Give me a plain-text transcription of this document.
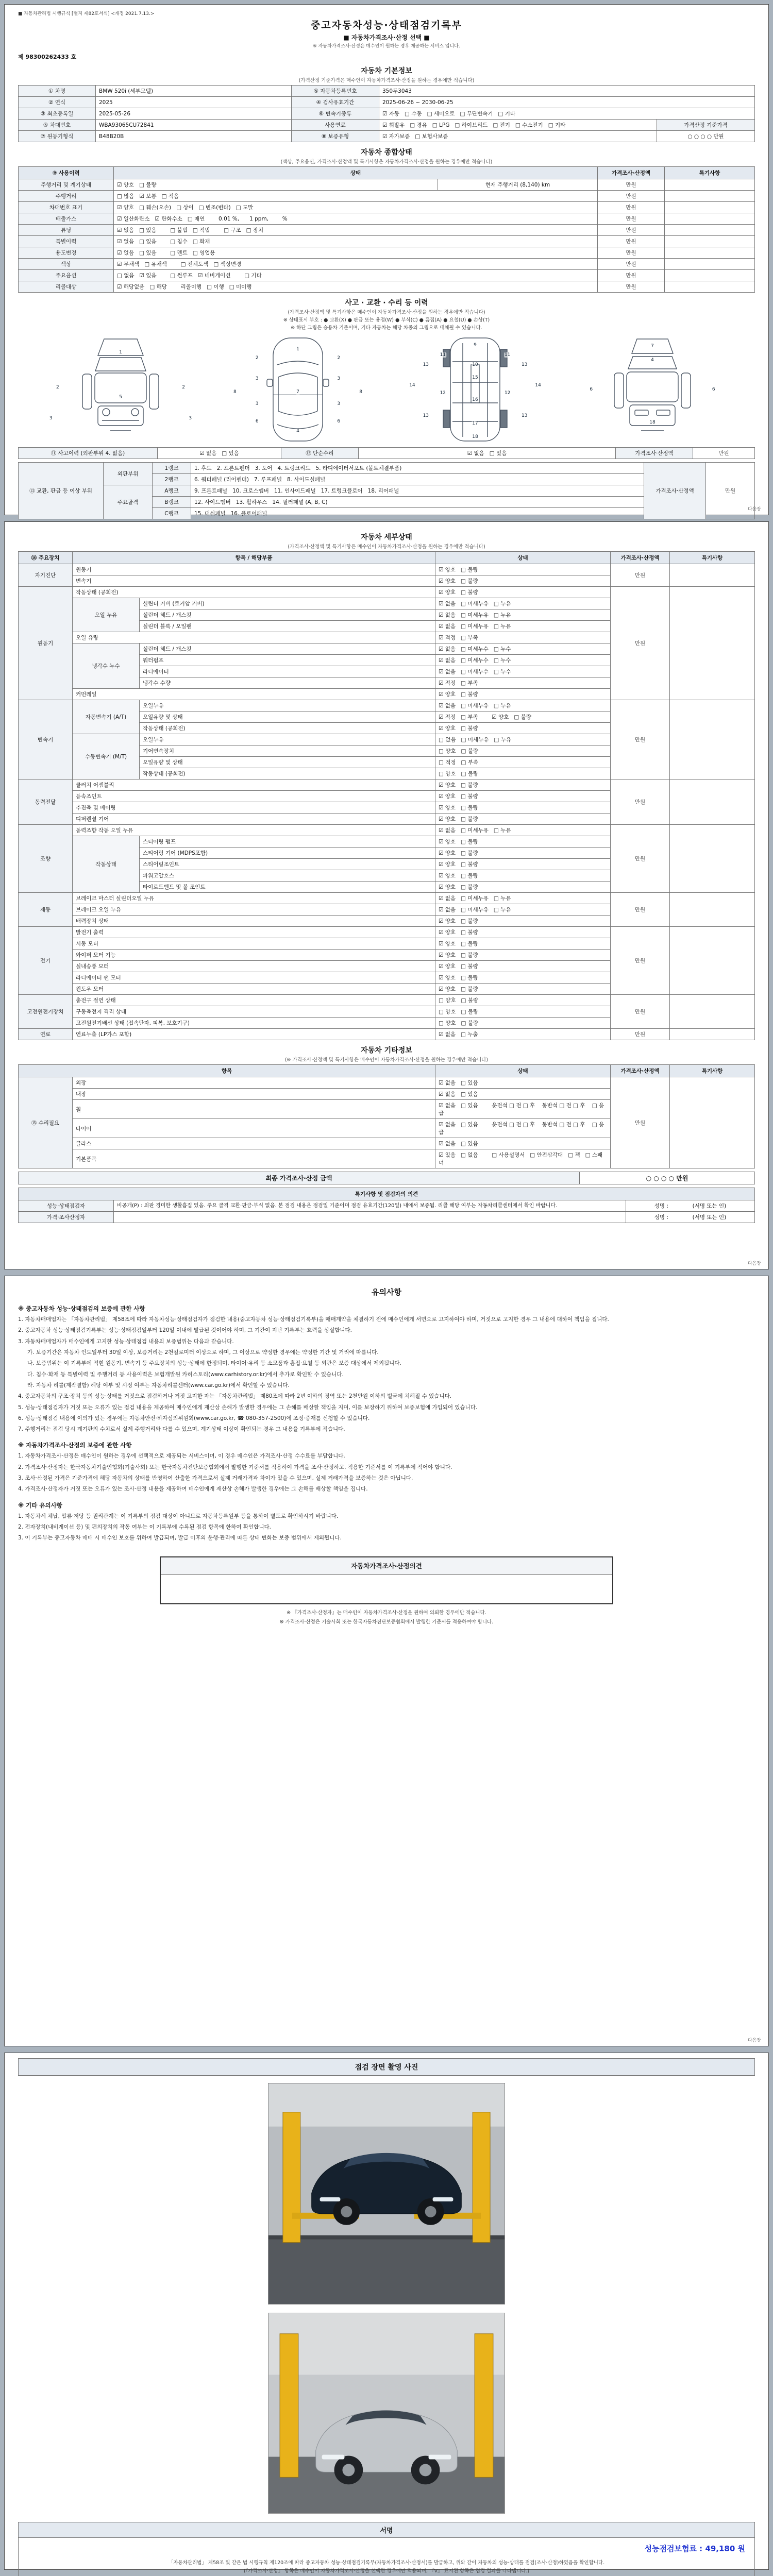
■ 자동차관리법 시행규칙 [별지 제82호서식] <개정 2021.7.13.>
중고자동차성능·상태점검기록부
■ 자동차가격조사·산정 선택 ■
※ 자동차가격조사·산정은 매수인이 원하는 경우 제공하는 서비스 입니다.
제 98300262433 호
자동차 기본정보
(가격산정 기준가격은 매수인이 자동차가격조사·산정을 원하는 경우에만 적습니다)
① 차명	BMW 520i (세부모델)	⑤ 자동차등록번호	350두3043	
② 연식	2025	④ 검사유효기간	2025-06-26 ~ 2030-06-25	
③ 최초등록일	2025-05-26	⑥ 변속기종류	☑ 자동   □ 수동   □ 세미오토   □ 무단변속기   □ 기타	
⑤ 차대번호	WBA93065CU72841	사용연료	☑ 휘발유   □ 경유   □ LPG   □ 하이브리드   □ 전기   □ 수소전기   □ 기타	가격산정 기준가격
⑦ 원동기형식	B48B20B	⑧ 보증유형	☑ 자가보증   □ 보험사보증	○ ○ ○ ○ 만원
자동차 종합상태
(색상, 주요옵션, 가격조사·산정액 및 특기사항은 자동차가격조사·산정을 원하는 경우에만 적습니다)
⑨ 사용이력	상태		가격조사·산정액	특기사항
주행거리 및 계기상태	☑ 양호   □ 불량	현재 주행거리 (8,140) km	만원	
주행거리	□ 많음   ☑ 보통   □ 적음		만원	
차대번호 표기	☑ 양호   □ 훼손(오손)   □ 상이   □ 변조(변타)   □ 도말		만원	
배출가스	☑ 일산화탄소   ☑ 탄화수소   □ 매연        0.01 %,      1 ppm,        %		만원	
튜닝	☑ 없음   □ 있음        □ 불법   □ 적법        □ 구조   □ 장치		만원	
특별이력	☑ 없음   □ 있음        □ 침수   □ 화재		만원	
용도변경	☑ 없음   □ 있음        □ 렌트   □ 영업용		만원	
색상	☑ 무채색   □ 유채색        □ 전체도색   □ 색상변경		만원	
주요옵션	□ 없음   ☑ 있음        □ 썬루프   ☑ 네비게이션        □ 기타		만원	
리콜대상	☑ 해당없음   □ 해당        리콜이행   □ 이행   □ 미이행		만원	
사고 · 교환 · 수리 등 이력
(가격조사·산정액 및 특기사항은 매수인이 자동차가격조사·산정을 원하는 경우에만 적습니다)
※ 상태표시 부호 : ● 교환(X) ● 판금 또는 용접(W) ● 부식(C) ● 흠집(A) ● 요철(U) ● 손상(T)
※ 하단 그림은 승용차 기준이며, 기타 자동차는 해당 차종의 그림으로 대체될 수 있습니다.
1
2	2
5
3	3
1
2	2
7
3	3
3	3
8	8
6	6
4
9
11	11
13	13
10
15
14	14
12	12
16
13	13
17
18
7
4
6	6
18
⑪ 사고이력 (외판부위 4. 없음)	☑ 없음   □ 있음	⑫ 단순수리	☑ 없음   □ 있음	가격조사·산정액	만원
⑬ 교환, 판금 등 이상 부위	외판부위	1랭크	1. 후드   2. 프론트펜더   3. 도어   4. 트렁크리드   5. 라디에이터서포트 (볼트체결부품)	가격조사·산정액	만원
		2랭크	6. 쿼터패널 (리어펜더)   7. 루프패널   8. 사이드실패널		
	주요골격	A랭크	9. 프론트패널   10. 크로스멤버   11. 인사이드패널   17. 트렁크플로어   18. 리어패널		
		B랭크	12. 사이드멤버   13. 휠하우스   14. 필러패널 (A, B, C)		
		C랭크	15. 대쉬패널   16. 플로어패널		
다음장
자동차 세부상태
(가격조사·산정액 및 특기사항은 매수인이 자동차가격조사·산정을 원하는 경우에만 적습니다)
⑭ 주요장치	항목 / 해당부품		상태	가격조사·산정액	특기사항
자기진단	원동기		☑ 양호   □ 불량	만원	
	변속기		☑ 양호   □ 불량		
원동기	작동상태 (공회전)		☑ 양호   □ 불량	만원	
	오일 누유	실린더 커버 (로커암 커버)	☑ 없음   □ 미세누유   □ 누유		
		실린더 헤드 / 개스킷	☑ 없음   □ 미세누유   □ 누유		
		실린더 블록 / 오일팬	☑ 없음   □ 미세누유   □ 누유		
	오일 유량		☑ 적정   □ 부족		
	냉각수 누수	실린더 헤드 / 개스킷	☑ 없음   □ 미세누수   □ 누수		
		워터펌프	☑ 없음   □ 미세누수   □ 누수		
		라디에이터	☑ 없음   □ 미세누수   □ 누수		
		냉각수 수량	☑ 적정   □ 부족		
	커먼레일		☑ 양호   □ 불량		
변속기	자동변속기 (A/T)	오일누유	☑ 없음   □ 미세누유   □ 누유	만원	
		오일유량 및 상태	☑ 적정   □ 부족        ☑ 양호   □ 불량		
		작동상태 (공회전)	☑ 양호   □ 불량		
	수동변속기 (M/T)	오일누유	□ 없음   □ 미세누유   □ 누유		
		기어변속장치	□ 양호   □ 불량		
		오일유량 및 상태	□ 적정   □ 부족		
		작동상태 (공회전)	□ 양호   □ 불량		
동력전달	클러치 어셈블리		☑ 양호   □ 불량	만원	
	등속조인트		☑ 양호   □ 불량		
	추진축 및 베어링		☑ 양호   □ 불량		
	디퍼렌셜 기어		☑ 양호   □ 불량		
조향	동력조향 작동 오일 누유		☑ 없음   □ 미세누유   □ 누유	만원	
	작동상태	스티어링 펌프	☑ 양호   □ 불량		
		스티어링 기어 (MDPS포함)	☑ 양호   □ 불량		
		스티어링조인트	☑ 양호   □ 불량		
		파워고압호스	☑ 양호   □ 불량		
		타이로드엔드 및 볼 조인트	☑ 양호   □ 불량		
제동	브레이크 마스터 실린더오일 누유		☑ 없음   □ 미세누유   □ 누유	만원	
	브레이크 오일 누유		☑ 없음   □ 미세누유   □ 누유		
	배력장치 상태		☑ 양호   □ 불량		
전기	발전기 출력		☑ 양호   □ 불량	만원	
	시동 모터		☑ 양호   □ 불량		
	와이퍼 모터 기능		☑ 양호   □ 불량		
	실내송풍 모터		☑ 양호   □ 불량		
	라디에이터 팬 모터		☑ 양호   □ 불량		
	윈도우 모터		☑ 양호   □ 불량		
고전원전기장치	충전구 절연 상태		□ 양호   □ 불량	만원	
	구동축전지 격리 상태		□ 양호   □ 불량		
	고전원전기배선 상태 (접속단자, 피복, 보호기구)		□ 양호   □ 불량		
연료	연료누출 (LP가스 포함)		☑ 없음   □ 누출	만원	
자동차 기타정보
(※ 가격조사·산정액 및 특기사항은 매수인이 자동차가격조사·산정을 원하는 경우에만 적습니다)
항목		상태	가격조사·산정액	특기사항
⑮ 수리필요	외장	☑ 없음   □ 있음	만원	
	내장	☑ 없음   □ 있음		
	휠	☑ 없음   □ 있음        운전석 □ 전 □ 후    동반석 □ 전 □ 후    □ 응급		
	타이어	☑ 없음   □ 있음        운전석 □ 전 □ 후    동반석 □ 전 □ 후    □ 응급		
	글라스	☑ 없음   □ 있음		
	기본품목	☑ 있음   □ 없음        □ 사용설명서   □ 안전삼각대   □ 잭   □ 스패너		
최종 가격조사·산정 금액	○ ○ ○ ○ 만원
특기사항 및 점검자의 의견		
성능·상태점검자	비공개(P) : 외판 경미한 생활흠집 있음. 주요 골격 교환·판금·부식 없음. 본 점검 내용은 점검일 기준이며 점검 유효기간(120일) 내에서 보증됨. 리콜 해당 여부는 자동차리콜센터에서 확인 바랍니다.	성명 :              (서명 또는 인)
가격·조사산정자		성명 :              (서명 또는 인)
다음장
유의사항
※ 중고자동차 성능·상태점검의 보증에 관한 사항
1. 자동차매매업자는 「자동차관리법」 제58조에 따라 자동차성능·상태점검자가 점검한 내용(중고자동차 성능·상태점검기록부)을 매매계약을 체결하기 전에 매수인에게 서면으로 고지하여야 하며, 거짓으로 고지한 경우 그 내용에 대하여 책임을 집니다.
2. 중고자동차 성능·상태점검기록부는 성능·상태점검일부터 120일 이내에 발급된 것이어야 하며, 그 기간이 지난 기록부는 효력을 상실합니다.
3. 자동차매매업자가 매수인에게 고지한 성능·상태점검 내용의 보증범위는 다음과 같습니다.
가. 보증기간은 자동차 인도일부터 30일 이상, 보증거리는 2천킬로미터 이상으로 하며, 그 이상으로 약정한 경우에는 약정한 기간 및 거리에 따릅니다.
나. 보증범위는 이 기록부에 적힌 원동기, 변속기 등 주요장치의 성능·상태에 한정되며, 타이어·유리 등 소모품과 흠집·요철 등 외관은 보증 대상에서 제외됩니다.
다. 침수·화재 등 특별이력 및 주행거리 등 사용이력은 보험개발원 카히스토리(www.carhistory.or.kr)에서 추가로 확인할 수 있습니다.
라. 자동차 리콜(제작결함) 해당 여부 및 시정 여부는 자동차리콜센터(www.car.go.kr)에서 확인할 수 있습니다.
4. 중고자동차의 구조·장치 등의 성능·상태를 거짓으로 점검하거나 거짓 고지한 자는 「자동차관리법」 제80조에 따라 2년 이하의 징역 또는 2천만원 이하의 벌금에 처해질 수 있습니다.
5. 성능·상태점검자가 거짓 또는 오류가 있는 점검 내용을 제공하여 매수인에게 재산상 손해가 발생한 경우에는 그 손해를 배상할 책임을 지며, 이를 보장하기 위하여 보증보험에 가입되어 있습니다.
6. 성능·상태점검 내용에 이의가 있는 경우에는 자동차안전·하자심의위원회(www.car.go.kr, ☎ 080-357-2500)에 조정·중재를 신청할 수 있습니다.
7. 주행거리는 점검 당시 계기판의 수치로서 실제 주행거리와 다를 수 있으며, 계기상태 이상이 확인되는 경우 그 내용을 기록부에 적습니다.
※ 자동차가격조사·산정의 보증에 관한 사항
1. 자동차가격조사·산정은 매수인이 원하는 경우에 선택적으로 제공되는 서비스이며, 이 경우 매수인은 가격조사·산정 수수료를 부담합니다.
2. 가격조사·산정자는 한국자동차기술인협회(기술사회) 또는 한국자동차진단보증협회에서 발행한 기준서를 적용하여 가격을 조사·산정하고, 적용한 기준서를 이 기록부에 적어야 합니다.
3. 조사·산정된 가격은 기준가격에 해당 자동차의 상태를 반영하여 산출한 가격으로서 실제 거래가격과 차이가 있을 수 있으며, 실제 거래가격을 보증하는 것은 아닙니다.
4. 가격조사·산정자가 거짓 또는 오류가 있는 조사·산정 내용을 제공하여 매수인에게 재산상 손해가 발생한 경우에는 그 손해를 배상할 책임을 집니다.
※ 기타 유의사항
1. 자동차세 체납, 압류·저당 등 권리관계는 이 기록부의 점검 대상이 아니므로 자동차등록원부 등을 통하여 별도로 확인하시기 바랍니다.
2. 전자장치(내비게이션 등) 및 편의장치의 작동 여부는 이 기록부에 수록된 점검 항목에 한하여 확인합니다.
3. 이 기록부는 중고자동차 매매 시 매수인 보호를 위하여 발급되며, 발급 이후의 운행·관리에 따른 상태 변화는 보증 범위에서 제외됩니다.
자동차가격조사·산정의견
※ 『가격조사·산정자』는 매수인이 자동차가격조사·산정을 원하여 의뢰한 경우에만 적습니다.
※ 가격조사·산정은 기술사회 또는 한국자동차진단보증협회에서 발행한 기준서를 적용하여야 합니다.
다음장
점검 장면 촬영 사진
서명
성능점검보험료 : 49,180 원
「자동차관리법」 제58조 및 같은 법 시행규칙 제120조에 따라 중고자동차 성능·상태점검기록부(자동차가격조사·산정서)를 발급하고, 위와 같이 자동차의 성능·상태를 점검(조사·산정)하였음을 확인합니다.
(『가격조사·산정』 항목은 매수인이 자동차가격조사·산정을 선택한 경우에만 적용되며, 『V』 표시된 항목은 점검 결과를 나타냅니다.)
